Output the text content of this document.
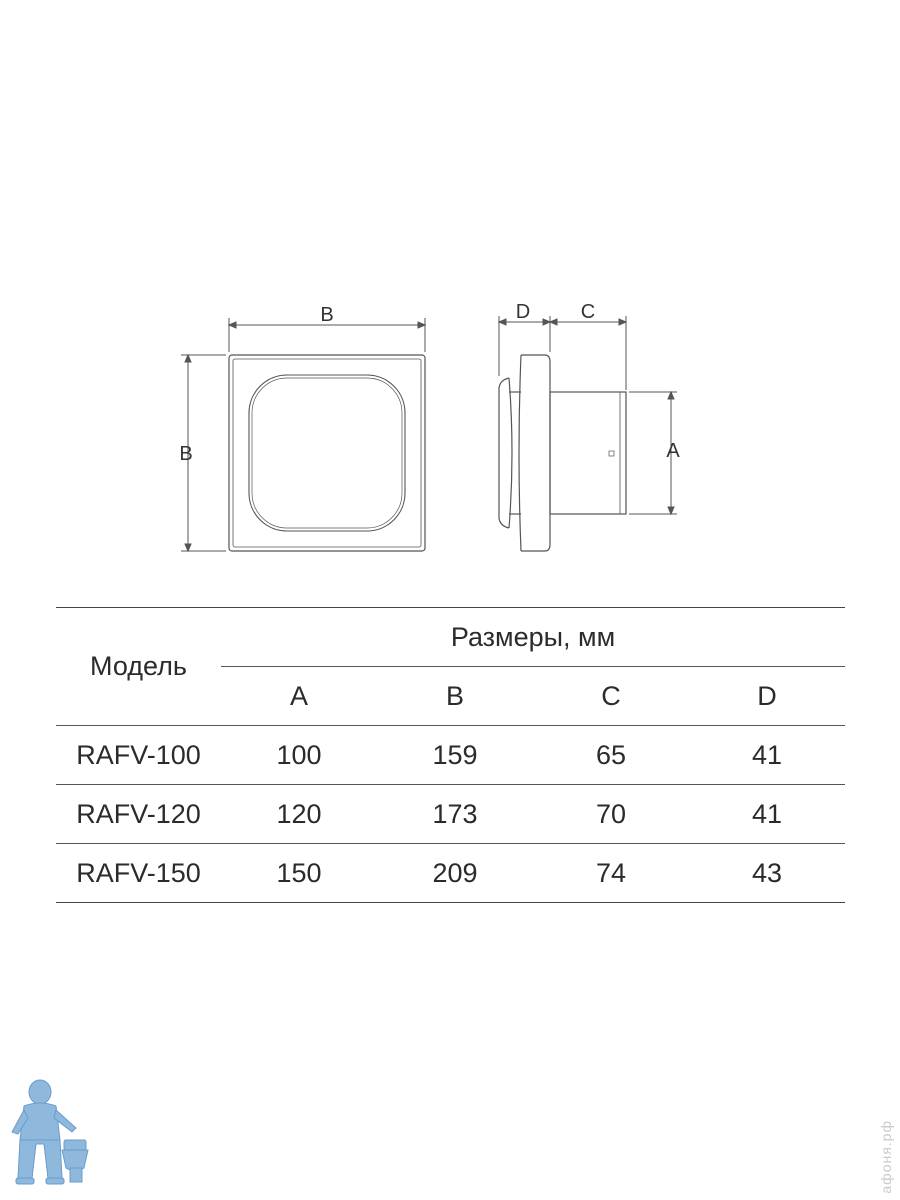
B
B
D	C
A
Модель	Размеры, мм			
	A	B	C	D
RAFV-100	100	159	65	41
RAFV-120	120	173	70	41
RAFV-150	150	209	74	43
афоня.рф
